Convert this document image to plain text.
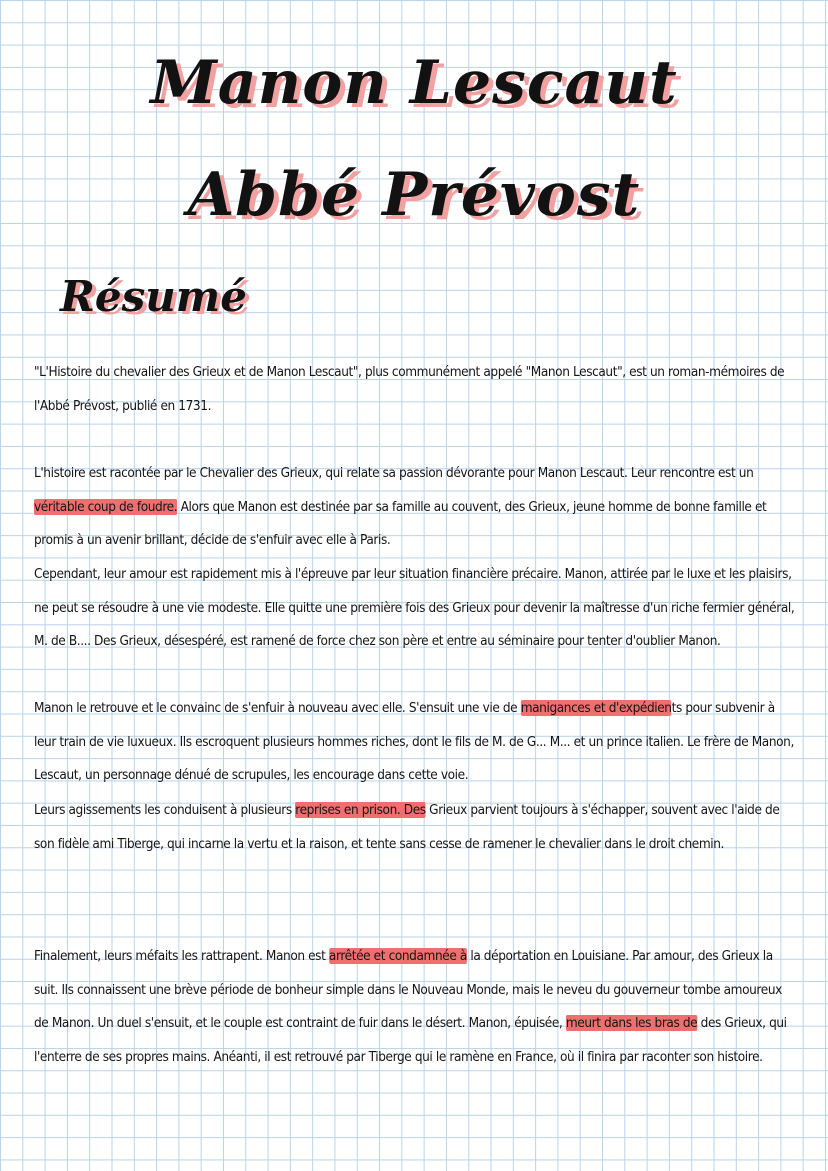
Manon Lescaut
Abbé Prévost
Résumé

"L'Histoire du chevalier des Grieux et de Manon Lescaut", plus communément appelé "Manon Lescaut", est un roman-mémoires de l'Abbé Prévost, publié en 1731.

L'histoire est racontée par le Chevalier des Grieux, qui relate sa passion dévorante pour Manon Lescaut. Leur rencontre est un véritable coup de foudre. Alors que Manon est destinée par sa famille au couvent, des Grieux, jeune homme de bonne famille et promis à un avenir brillant, décide de s'enfuir avec elle à Paris.

Cependant, leur amour est rapidement mis à l'épreuve par leur situation financière précaire. Manon, attirée par le luxe et les plaisirs, ne peut se résoudre à une vie modeste. Elle quitte une première fois des Grieux pour devenir la maîtresse d'un riche fermier général, M. de B.... Des Grieux, désespéré, est ramené de force chez son père et entre au séminaire pour tenter d'oublier Manon.

Manon le retrouve et le convainc de s'enfuir à nouveau avec elle. S'ensuit une vie de manigances et d'expédients pour subvenir à leur train de vie luxueux. Ils escroquent plusieurs hommes riches, dont le fils de M. de G... M... et un prince italien. Le frère de Manon, Lescaut, un personnage dénué de scrupules, les encourage dans cette voie.

Leurs agissements les conduisent à plusieurs reprises en prison. Des Grieux parvient toujours à s'échapper, souvent avec l'aide de son fidèle ami Tiberge, qui incarne la vertu et la raison, et tente sans cesse de ramener le chevalier dans le droit chemin.

Finalement, leurs méfaits les rattrapent. Manon est arrêtée et condamnée à la déportation en Louisiane. Par amour, des Grieux la suit. Ils connaissent une brève période de bonheur simple dans le Nouveau Monde, mais le neveu du gouverneur tombe amoureux de Manon. Un duel s'ensuit, et le couple est contraint de fuir dans le désert. Manon, épuisée, meurt dans les bras de des Grieux, qui l'enterre de ses propres mains. Anéanti, il est retrouvé par Tiberge qui le ramène en France, où il finira par raconter son histoire.
